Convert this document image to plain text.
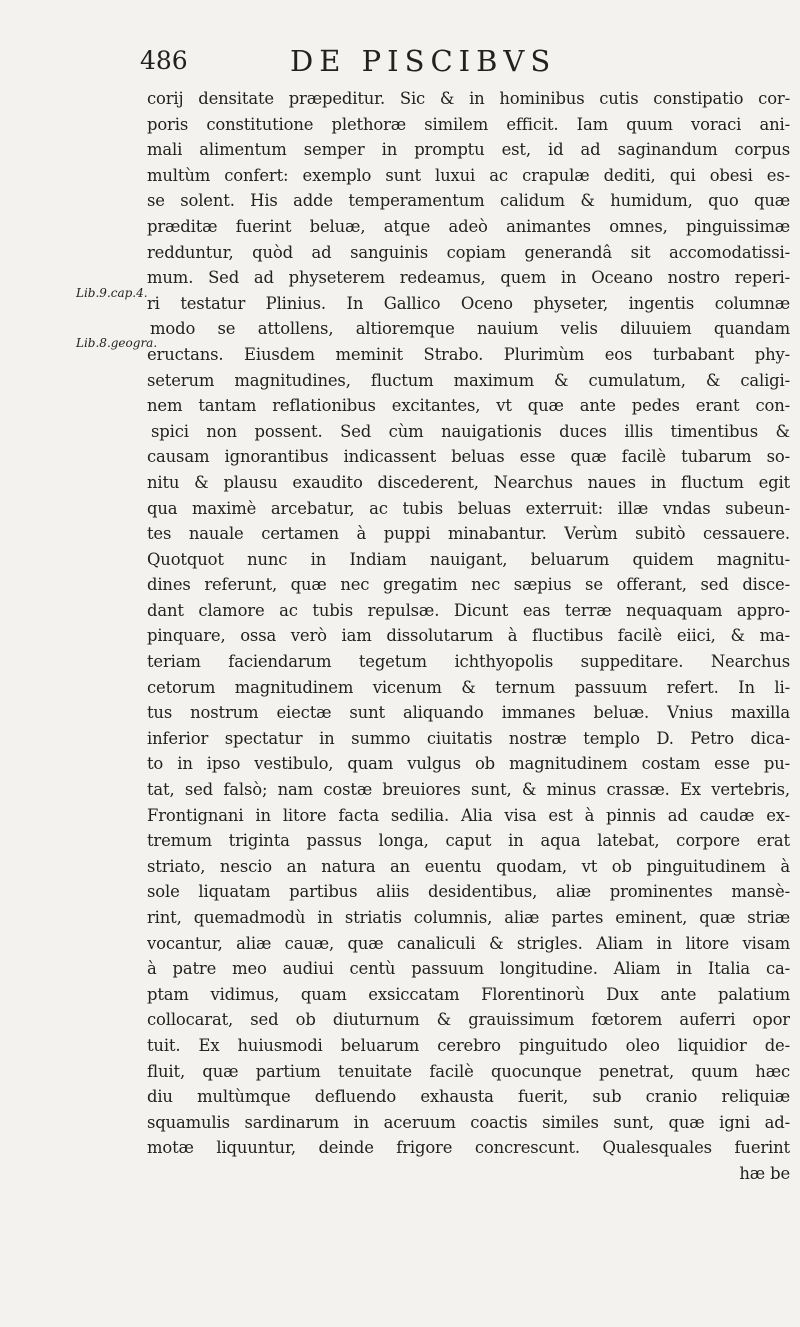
486	DE PISCIBVS
Lib.9.cap.4.
Lib.8.geogra.
corij densitate præpeditur. Sic & in hominibus cutis constipatio cor-
poris constitutione plethoræ similem efficit. Iam quum voraci ani-
mali alimentum semper in promptu est, id ad saginandum corpus
multùm confert: exemplo sunt luxui ac crapulæ dediti, qui obesi es-
se solent. His adde temperamentum calidum & humidum, quo quæ
præditæ fuerint beluæ, atque adeò animantes omnes, pinguissimæ
redduntur, quòd ad sanguinis copiam generandâ sit accomodatissi-
mum. Sed ad physeterem redeamus, quem in Oceano nostro reperi-
ri testatur Plinius. In Gallico Oceno physeter, ingentis columnæ
modo se attollens, altioremque nauium velis diluuiem quandam
eructans. Eiusdem meminit Strabo. Plurimùm eos turbabant phy-
seterum magnitudines, fluctum maximum & cumulatum, & caligi-
nem tantam reflationibus excitantes, vt quæ ante pedes erant con-
spici non possent. Sed cùm nauigationis duces illis timentibus &
causam ignorantibus indicassent beluas esse quæ facilè tubarum so-
nitu & plausu exaudito discederent, Nearchus naues in fluctum egit
qua maximè arcebatur, ac tubis beluas exterruit: illæ vndas subeun-
tes nauale certamen à puppi minabantur. Verùm subitò cessauere.
Quotquot nunc in Indiam nauigant, beluarum quidem magnitu-
dines referunt, quæ nec gregatim nec sæpius se offerant, sed disce-
dant clamore ac tubis repulsæ. Dicunt eas terræ nequaquam appro-
pinquare, ossa verò iam dissolutarum à fluctibus facilè eiici, & ma-
teriam faciendarum tegetum ichthyopolis suppeditare. Nearchus
cetorum magnitudinem vicenum & ternum passuum refert. In li-
tus nostrum eiectæ sunt aliquando immanes beluæ. Vnius maxilla
inferior spectatur in summo ciuitatis nostræ templo D. Petro dica-
to in ipso vestibulo, quam vulgus ob magnitudinem costam esse pu-
tat, sed falsò; nam costæ breuiores sunt, & minus crassæ. Ex vertebris,
Frontignani in litore facta sedilia. Alia visa est à pinnis ad caudæ ex-
tremum triginta passus longa, caput in aqua latebat, corpore erat
striato, nescio an natura an euentu quodam, vt ob pinguitudinem à
sole liquatam partibus aliis desidentibus, aliæ prominentes mansè-
rint, quemadmodù in striatis columnis, aliæ partes eminent, quæ striæ
vocantur, aliæ cauæ, quæ canaliculi & strigles. Aliam in litore visam
à patre meo audiui centù passuum longitudine. Aliam in Italia ca-
ptam vidimus, quam exsiccatam Florentinorù Dux ante palatium
collocarat, sed ob diuturnum & grauissimum fœtorem auferri opor
tuit. Ex huiusmodi beluarum cerebro pinguitudo oleo liquidior de-
fluit, quæ partium tenuitate facilè quocunque penetrat, quum hæc
diu multùmque defluendo exhausta fuerit, sub cranio reliquiæ
squamulis sardinarum in aceruum coactis similes sunt, quæ igni ad-
motæ liquuntur, deinde frigore concrescunt. Qualesquales fuerint
hæ be
